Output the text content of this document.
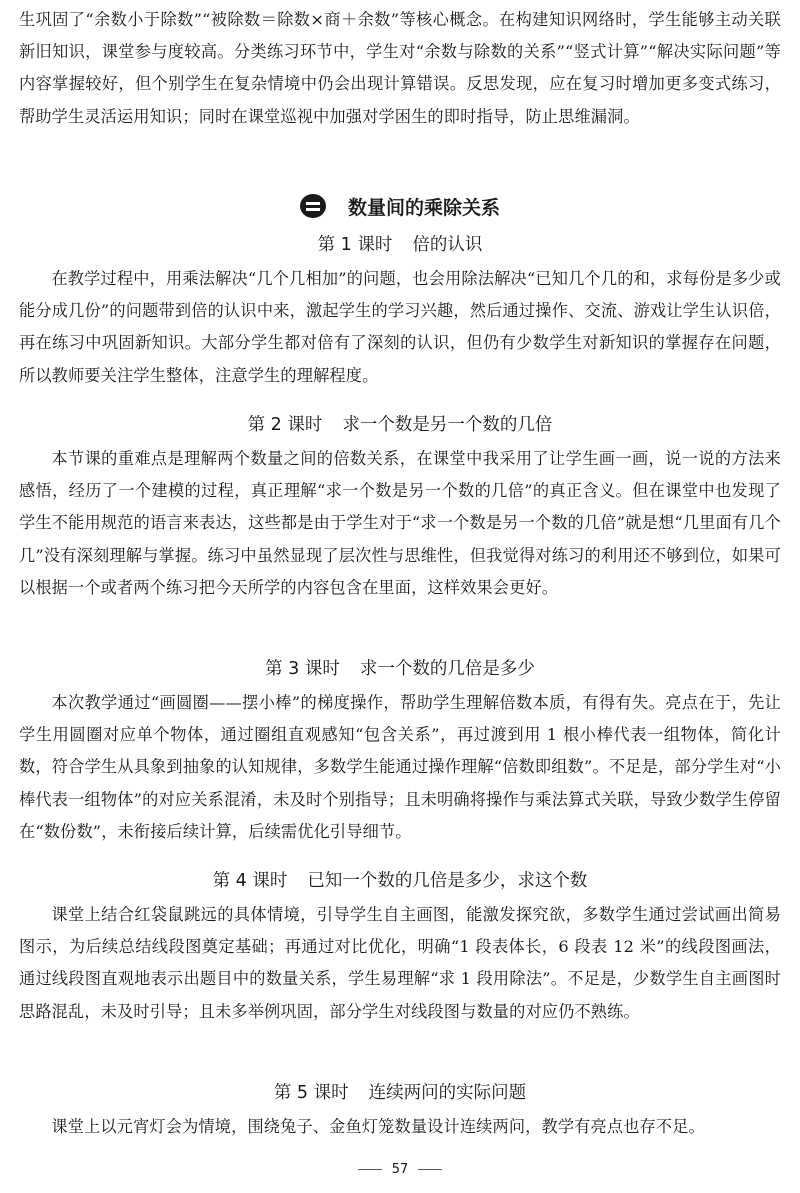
生巩固了“余数小于除数”“被除数＝除数×商＋余数”等核心概念。在构建知识网络时，学生能够主动关联新旧知识，课堂参与度较高。分类练习环节中，学生对“余数与除数的关系”“竖式计算”“解决实际问题”等内容掌握较好，但个别学生在复杂情境中仍会出现计算错误。反思发现，应在复习时增加更多变式练习，帮助学生灵活运用知识；同时在课堂巡视中加强对学困生的即时指导，防止思维漏洞。

数量间的乘除关系
第 1 课时 倍的认识

在教学过程中，用乘法解决“几个几相加”的问题，也会用除法解决“已知几个几的和，求每份是多少或能分成几份”的问题带到倍的认识中来，激起学生的学习兴趣，然后通过操作、交流、游戏让学生认识倍，再在练习中巩固新知识。大部分学生都对倍有了深刻的认识，但仍有少数学生对新知识的掌握存在问题，所以教师要关注学生整体，注意学生的理解程度。

第 2 课时 求一个数是另一个数的几倍

本节课的重难点是理解两个数量之间的倍数关系，在课堂中我采用了让学生画一画，说一说的方法来感悟，经历了一个建模的过程，真正理解“求一个数是另一个数的几倍”的真正含义。但在课堂中也发现了学生不能用规范的语言来表达，这些都是由于学生对于“求一个数是另一个数的几倍”就是想“几里面有几个几”没有深刻理解与掌握。练习中虽然显现了层次性与思维性，但我觉得对练习的利用还不够到位，如果可以根据一个或者两个练习把今天所学的内容包含在里面，这样效果会更好。

第 3 课时 求一个数的几倍是多少

本次教学通过“画圆圈——摆小棒”的梯度操作，帮助学生理解倍数本质，有得有失。亮点在于，先让学生用圆圈对应单个物体，通过圈组直观感知“包含关系”，再过渡到用 1 根小棒代表一组物体，简化计数，符合学生从具象到抽象的认知规律，多数学生能通过操作理解“倍数即组数”。不足是，部分学生对“小棒代表一组物体”的对应关系混淆，未及时个别指导；且未明确将操作与乘法算式关联，导致少数学生停留在“数份数”，未衔接后续计算，后续需优化引导细节。

第 4 课时 已知一个数的几倍是多少，求这个数

课堂上结合红袋鼠跳远的具体情境，引导学生自主画图，能激发探究欲，多数学生通过尝试画出简易图示，为后续总结线段图奠定基础；再通过对比优化，明确“1 段表体长，6 段表 12 米”的线段图画法，通过线段图直观地表示出题目中的数量关系，学生易理解“求 1 段用除法”。不足是，少数学生自主画图时思路混乱，未及时引导；且未多举例巩固，部分学生对线段图与数量的对应仍不熟练。

第 5 课时 连续两问的实际问题

课堂上以元宵灯会为情境，围绕兔子、金鱼灯笼数量设计连续两问，教学有亮点也存不足。

57
